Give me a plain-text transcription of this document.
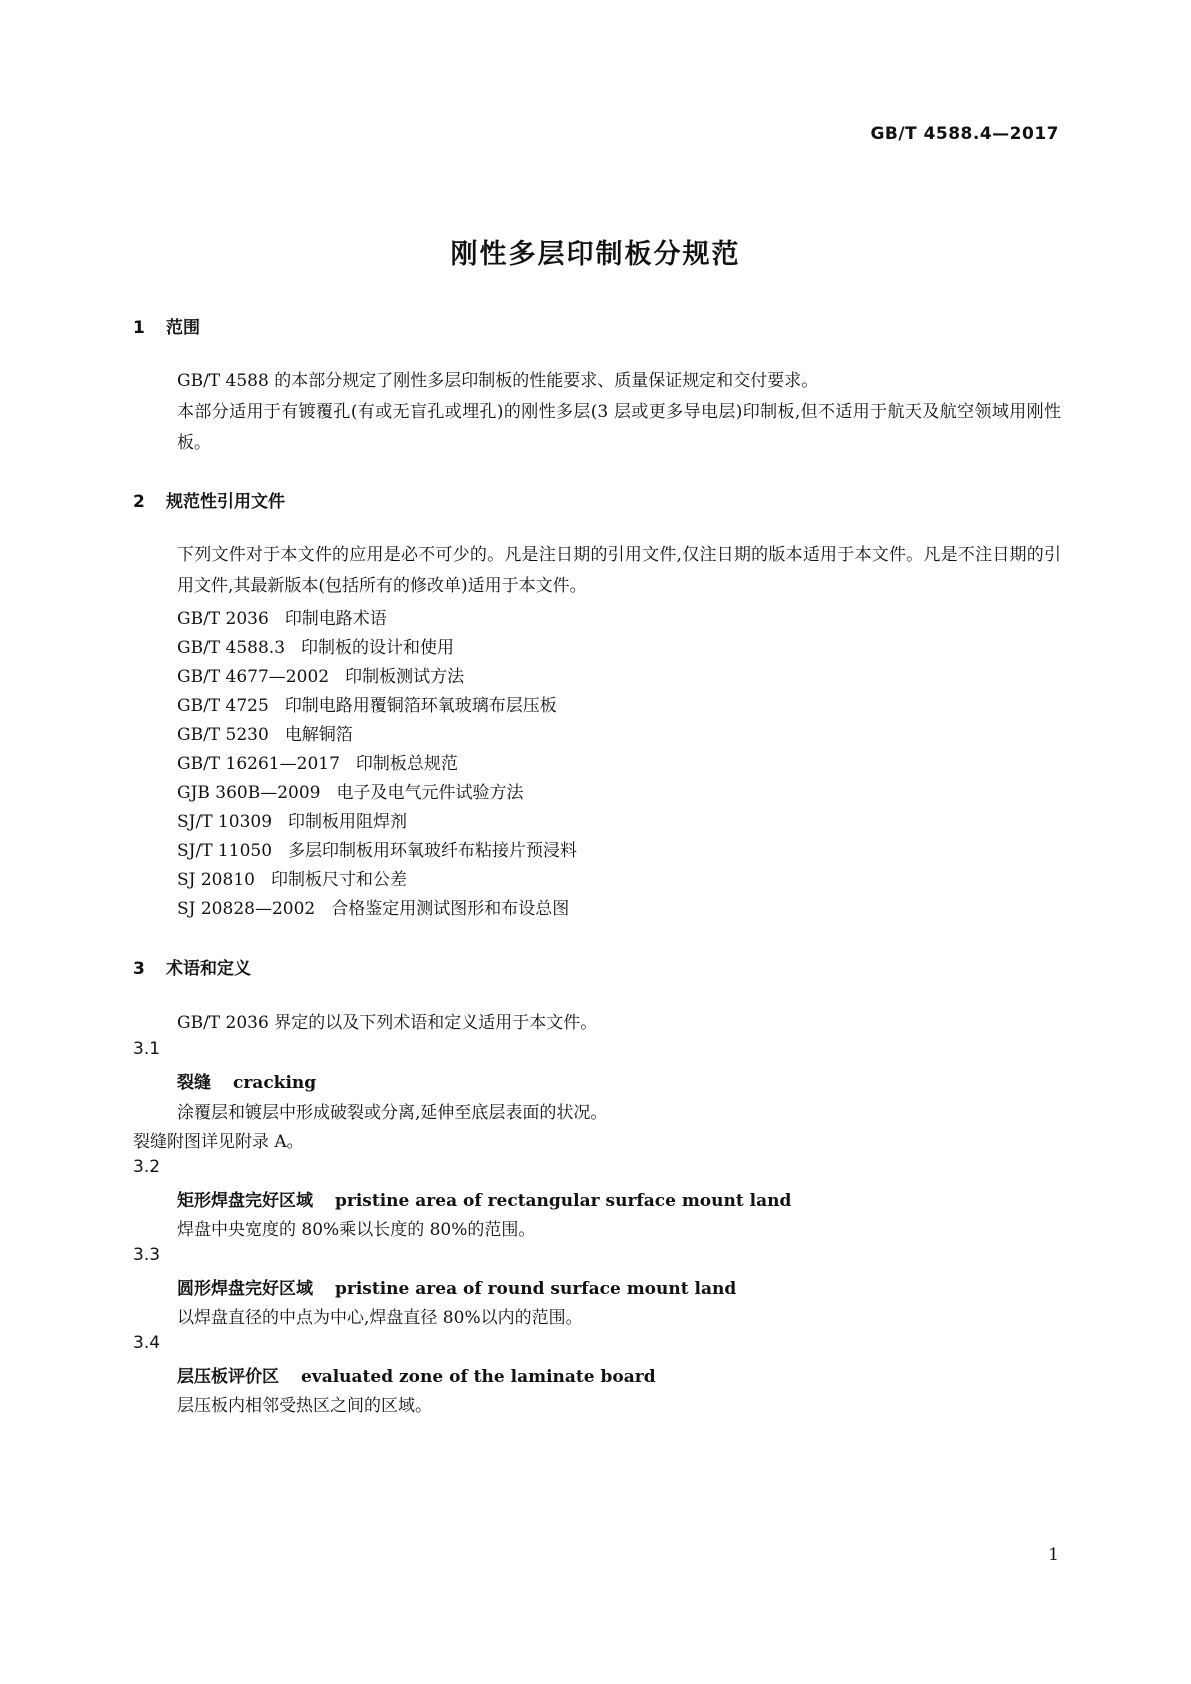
GB/T 4588.4—2017
刚性多层印制板分规范
1 范围
GB/T 4588 的本部分规定了刚性多层印制板的性能要求、质量保证规定和交付要求。
本部分适用于有镀覆孔(有或无盲孔或埋孔)的刚性多层(3 层或更多导电层)印制板,但不适用于航天及航空领域用刚性板。
2 规范性引用文件
下列文件对于本文件的应用是必不可少的。凡是注日期的引用文件,仅注日期的版本适用于本文件。凡是不注日期的引用文件,其最新版本(包括所有的修改单)适用于本文件。
GB/T 2036 印制电路术语
GB/T 4588.3 印制板的设计和使用
GB/T 4677—2002 印制板测试方法
GB/T 4725 印制电路用覆铜箔环氧玻璃布层压板
GB/T 5230 电解铜箔
GB/T 16261—2017 印制板总规范
GJB 360B—2009 电子及电气元件试验方法
SJ/T 10309 印制板用阻焊剂
SJ/T 11050 多层印制板用环氧玻纤布粘接片预浸料
SJ 20810 印制板尺寸和公差
SJ 20828—2002 合格鉴定用测试图形和布设总图
3 术语和定义
GB/T 2036 界定的以及下列术语和定义适用于本文件。
3.1
裂缝 cracking
涂覆层和镀层中形成破裂或分离,延伸至底层表面的状况。
裂缝附图详见附录 A。
3.2
矩形焊盘完好区域 pristine area of rectangular surface mount land
焊盘中央宽度的 80%乘以长度的 80%的范围。
3.3
圆形焊盘完好区域 pristine area of round surface mount land
以焊盘直径的中点为中心,焊盘直径 80%以内的范围。
3.4
层压板评价区 evaluated zone of the laminate board
层压板内相邻受热区之间的区域。
1
